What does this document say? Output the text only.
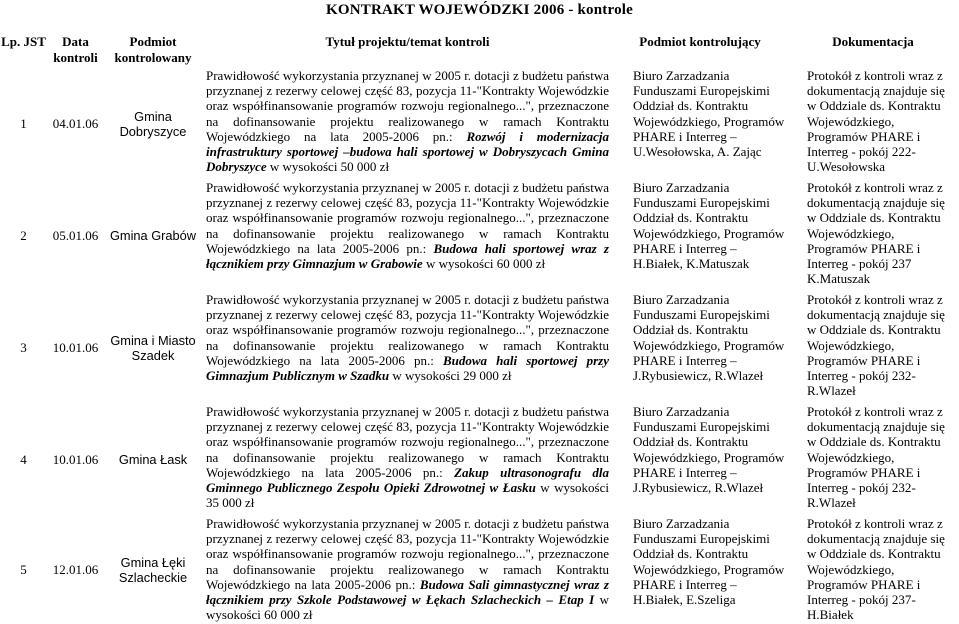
KONTRAKT WOJEWÓDZKI 2006 - kontrole
Lp. JST	Data kontroli	Podmiot kontrolowany	Tytuł projektu/temat kontroli	Podmiot kontrolujący	Dokumentacja
1	04.01.06	Gmina Dobryszyce	Prawidłowość wykorzystania przyznanej w 2005 r. dotacji z budżetu państwa przyznanej z rezerwy celowej część 83, pozycja 11-"Kontrakty Wojewódzkie oraz współfinansowanie programów rozwoju regionalnego...", przeznaczone na dofinansowanie projektu realizowanego w ramach Kontraktu Wojewódzkiego na lata 2005-2006 pn.: Rozwój i modernizacja infrastruktury sportowej –budowa hali sportowej w Dobryszycach Gmina Dobryszyce w wysokości 50 000 zł	Biuro Zarzadzania Funduszami Europejskimi Oddział ds. Kontraktu Wojewódzkiego, Programów PHARE i Interreg – U.Wesołowska, A. Zając	Protokół z kontroli wraz z dokumentacją znajduje się w Oddziale ds. Kontraktu Wojewódzkiego, Programów PHARE i Interreg - pokój 222- U.Wesołowska
2	05.01.06	Gmina Grabów	Prawidłowość wykorzystania przyznanej w 2005 r. dotacji z budżetu państwa przyznanej z rezerwy celowej część 83, pozycja 11-"Kontrakty Wojewódzkie oraz współfinansowanie programów rozwoju regionalnego...", przeznaczone na dofinansowanie projektu realizowanego w ramach Kontraktu Wojewódzkiego na lata 2005-2006 pn.: Budowa hali sportowej wraz z łącznikiem przy Gimnazjum w Grabowie w wysokości 60 000 zł	Biuro Zarzadzania Funduszami Europejskimi Oddział ds. Kontraktu Wojewódzkiego, Programów PHARE i Interreg – H.Białek, K.Matuszak	Protokół z kontroli wraz z dokumentacją znajduje się w Oddziale ds. Kontraktu Wojewódzkiego, Programów PHARE i Interreg - pokój 237 K.Matuszak
3	10.01.06	Gmina i Miasto Szadek	Prawidłowość wykorzystania przyznanej w 2005 r. dotacji z budżetu państwa przyznanej z rezerwy celowej część 83, pozycja 11-"Kontrakty Wojewódzkie oraz współfinansowanie programów rozwoju regionalnego...", przeznaczone na dofinansowanie projektu realizowanego w ramach Kontraktu Wojewódzkiego na lata 2005-2006 pn.: Budowa hali sportowej przy Gimnazjum Publicznym w Szadku w wysokości 29 000 zł	Biuro Zarzadzania Funduszami Europejskimi Oddział ds. Kontraktu Wojewódzkiego, Programów PHARE i Interreg – J.Rybusiewicz, R.Wlazeł	Protokół z kontroli wraz z dokumentacją znajduje się w Oddziale ds. Kontraktu Wojewódzkiego, Programów PHARE i Interreg - pokój 232- R.Wlazeł
4	10.01.06	Gmina Łask	Prawidłowość wykorzystania przyznanej w 2005 r. dotacji z budżetu państwa przyznanej z rezerwy celowej część 83, pozycja 11-"Kontrakty Wojewódzkie oraz współfinansowanie programów rozwoju regionalnego...", przeznaczone na dofinansowanie projektu realizowanego w ramach Kontraktu Wojewódzkiego na lata 2005-2006 pn.: Zakup ultrasonografu dla Gminnego Publicznego Zespołu Opieki Zdrowotnej w Łasku w wysokości 35 000 zł	Biuro Zarzadzania Funduszami Europejskimi Oddział ds. Kontraktu Wojewódzkiego, Programów PHARE i Interreg – J.Rybusiewicz, R.Wlazeł	Protokół z kontroli wraz z dokumentacją znajduje się w Oddziale ds. Kontraktu Wojewódzkiego, Programów PHARE i Interreg - pokój 232- R.Wlazeł
5	12.01.06	Gmina Łęki Szlacheckie	Prawidłowość wykorzystania przyznanej w 2005 r. dotacji z budżetu państwa przyznanej z rezerwy celowej część 83, pozycja 11-"Kontrakty Wojewódzkie oraz współfinansowanie programów rozwoju regionalnego...", przeznaczone na dofinansowanie projektu realizowanego w ramach Kontraktu Wojewódzkiego na lata 2005-2006 pn.: Budowa Sali gimnastycznej wraz z łącznikiem przy Szkole Podstawowej w Łękach Szlacheckich – Etap I w wysokości 60 000 zł	Biuro Zarzadzania Funduszami Europejskimi Oddział ds. Kontraktu Wojewódzkiego, Programów PHARE i Interreg – H.Białek, E.Szeliga	Protokół z kontroli wraz z dokumentacją znajduje się w Oddziale ds. Kontraktu Wojewódzkiego, Programów PHARE i Interreg - pokój 237- H.Białek
